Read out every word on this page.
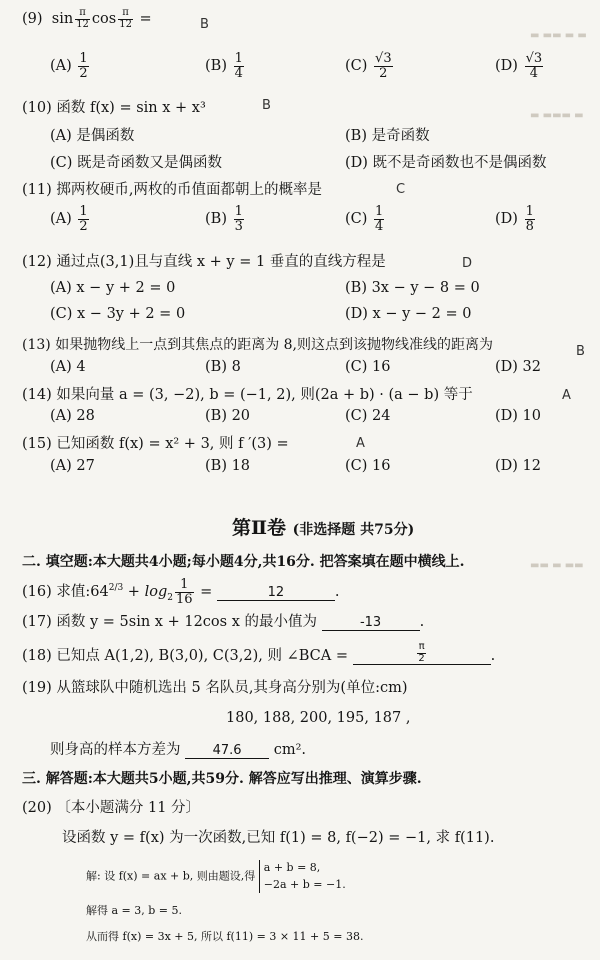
▬ ▬▬ ▬ ▬
▬ ▬▬▬ ▬
▬▬ ▬ ▬▬
(9)  $\sin \frac{\pi}{12}$ $\cos \frac{\pi}{12}$ =	B
$(A) \frac{1}{2}$	$(B) \frac{1}{4}$	$(C) \frac{√3}{2}$	$(D) \frac{√3}{4}$
(10) 函数 f(x) = sin x + x³	B
(A) 是偶函数	(B) 是奇函数
(C) 既是奇函数又是偶函数	(D) 既不是奇函数也不是偶函数
(11) 掷两枚硬币,两枚的币值面都朝上的概率是	C
$(A) \frac{1}{2}$	$(B) \frac{1}{3}$	$(C) \frac{1}{4}$	$(D) \frac{1}{8}$
(12) 通过点(3,1)且与直线 x + y = 1 垂直的直线方程是	D
(A) x − y + 2 = 0	(B) 3x − y − 8 = 0
(C) x − 3y + 2 = 0	(D) x − y − 2 = 0
(13) 如果抛物线上一点到其焦点的距离为 8,则这点到该抛物线准线的距离为	B
(A) 4	(B) 8	(C) 16	(D) 32
(14) 如果向量 a = (3, −2), b = (−1, 2), 则(2a + b) · (a − b) 等于	A
(A) 28	(B) 20	(C) 24	(D) 10
(15) 已知函数 f(x) = x² + 3, 则 f ′(3) =	A
(A) 27	(B) 18	(C) 16	(D) 12
第Ⅱ卷 (非选择题 共75分)
二. 填空题:本大题共4小题;每小题4分,共16分. 把答案填在题中横线上.
(16) 求值$:64^{2/3} + \log_2 \frac{1}{16}$ =	12	.
(17) 函数 y = 5sin x + 12cos x 的最小值为	-13	.
(18) 已知点 A(1,2), B(3,0), C(3,2), 则 ∠BCA =	$\frac{\pi}{2}$	.
(19) 从篮球队中随机选出 5 名队员,其身高分别为(单位:cm)
180, 188, 200, 195, 187 ,
则身高的样本方差为 47.6 cm².
三. 解答题:本大题共5小题,共59分. 解答应写出推理、演算步骤.
(20) 〔本小题满分 11 分〕
设函数 y = f(x) 为一次函数,已知 f(1) = 8, f(−2) = −1, 求 f(11).
解: 设 f(x) = ax + b, 则由题设,得
a + b = 8,
−2a + b = −1.
解得 a = 3, b = 5.
从而得 f(x) = 3x + 5, 所以 f(11) = 3 × 11 + 5 = 38.
